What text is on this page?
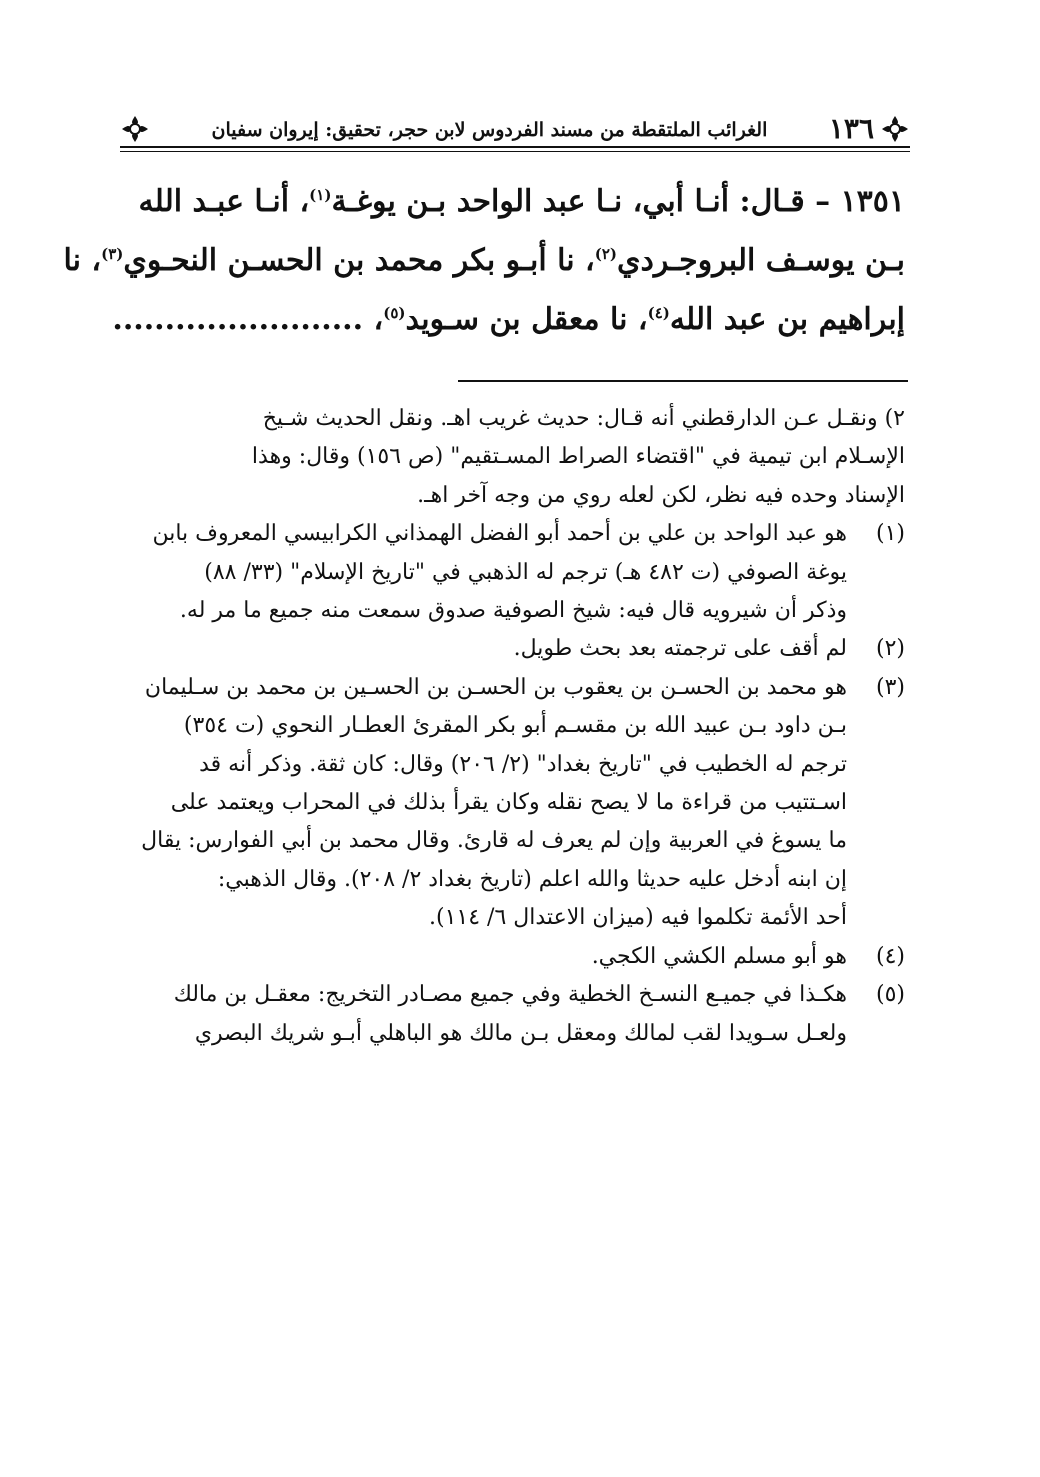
١٣٦
الغرائب الملتقطة من مسند الفردوس لابن حجر، تحقيق: إيروان سفيان
١٣٥١ – قـال: أنـا أبي، نـا عبد الواحد بـن يوغـة$^{(١)}$، أنـا عبـد الله
بـن يوسـف البروجـردي$^{(٢)}$، نا أبـو بكر محمد بن الحسـن النحـوي$^{(٣)}$، نا
إبراهيم بن عبد الله$^{(٤)}$، نا معقل بن سـويد$^{(٥)}$، ........................
٢) ونقـل عـن الدارقطني أنه قـال: حديث غريب اهـ. ونقل الحديث شـيخ
الإسـلام ابن تيمية في "اقتضاء الصراط المسـتقيم" (ص ١٥٦) وقال: وهذا
الإسناد وحده فيه نظر، لكن لعله روي من وجه آخر اهـ.
(١)
هو عبد الواحد بن علي بن أحمد أبو الفضل الهمذاني الكرابيسي المعروف بابن
يوغة الصوفي (ت ٤٨٢ هـ) ترجم له الذهبي في "تاريخ الإسلام" (٣٣/ ٨٨)
وذكر أن شيرويه قال فيه: شيخ الصوفية صدوق سمعت منه جميع ما مر له.
(٢)
لم أقف على ترجمته بعد بحث طويل.
(٣)
هو محمد بن الحسـن بن يعقوب بن الحسـن بن الحسـين بن محمد بن سـليمان
بـن داود بـن عبيد الله بن مقسـم أبو بكر المقرئ العطـار النحوي (ت ٣٥٤)
ترجم له الخطيب في "تاريخ بغداد" (٢/ ٢٠٦) وقال: كان ثقة. وذكر أنه قد
اسـتتيب من قراءة ما لا يصح نقله وكان يقرأ بذلك في المحراب ويعتمد على
ما يسوغ في العربية وإن لم يعرف له قارئ. وقال محمد بن أبي الفوارس: يقال
إن ابنه أدخل عليه حديثا والله اعلم (تاريخ بغداد ٢/ ٢٠٨). وقال الذهبي:
أحد الأئمة تكلموا فيه (ميزان الاعتدال ٦/ ١١٤).
(٤)
هو أبو مسلم الكشي الكجي.
(٥)
هكـذا في جميـع النسـخ الخطية وفي جميع مصـادر التخريج: معقـل بن مالك
ولعـل سـويدا لقب لمالك ومعقل بـن مالك هو الباهلي أبـو شريك البصري
